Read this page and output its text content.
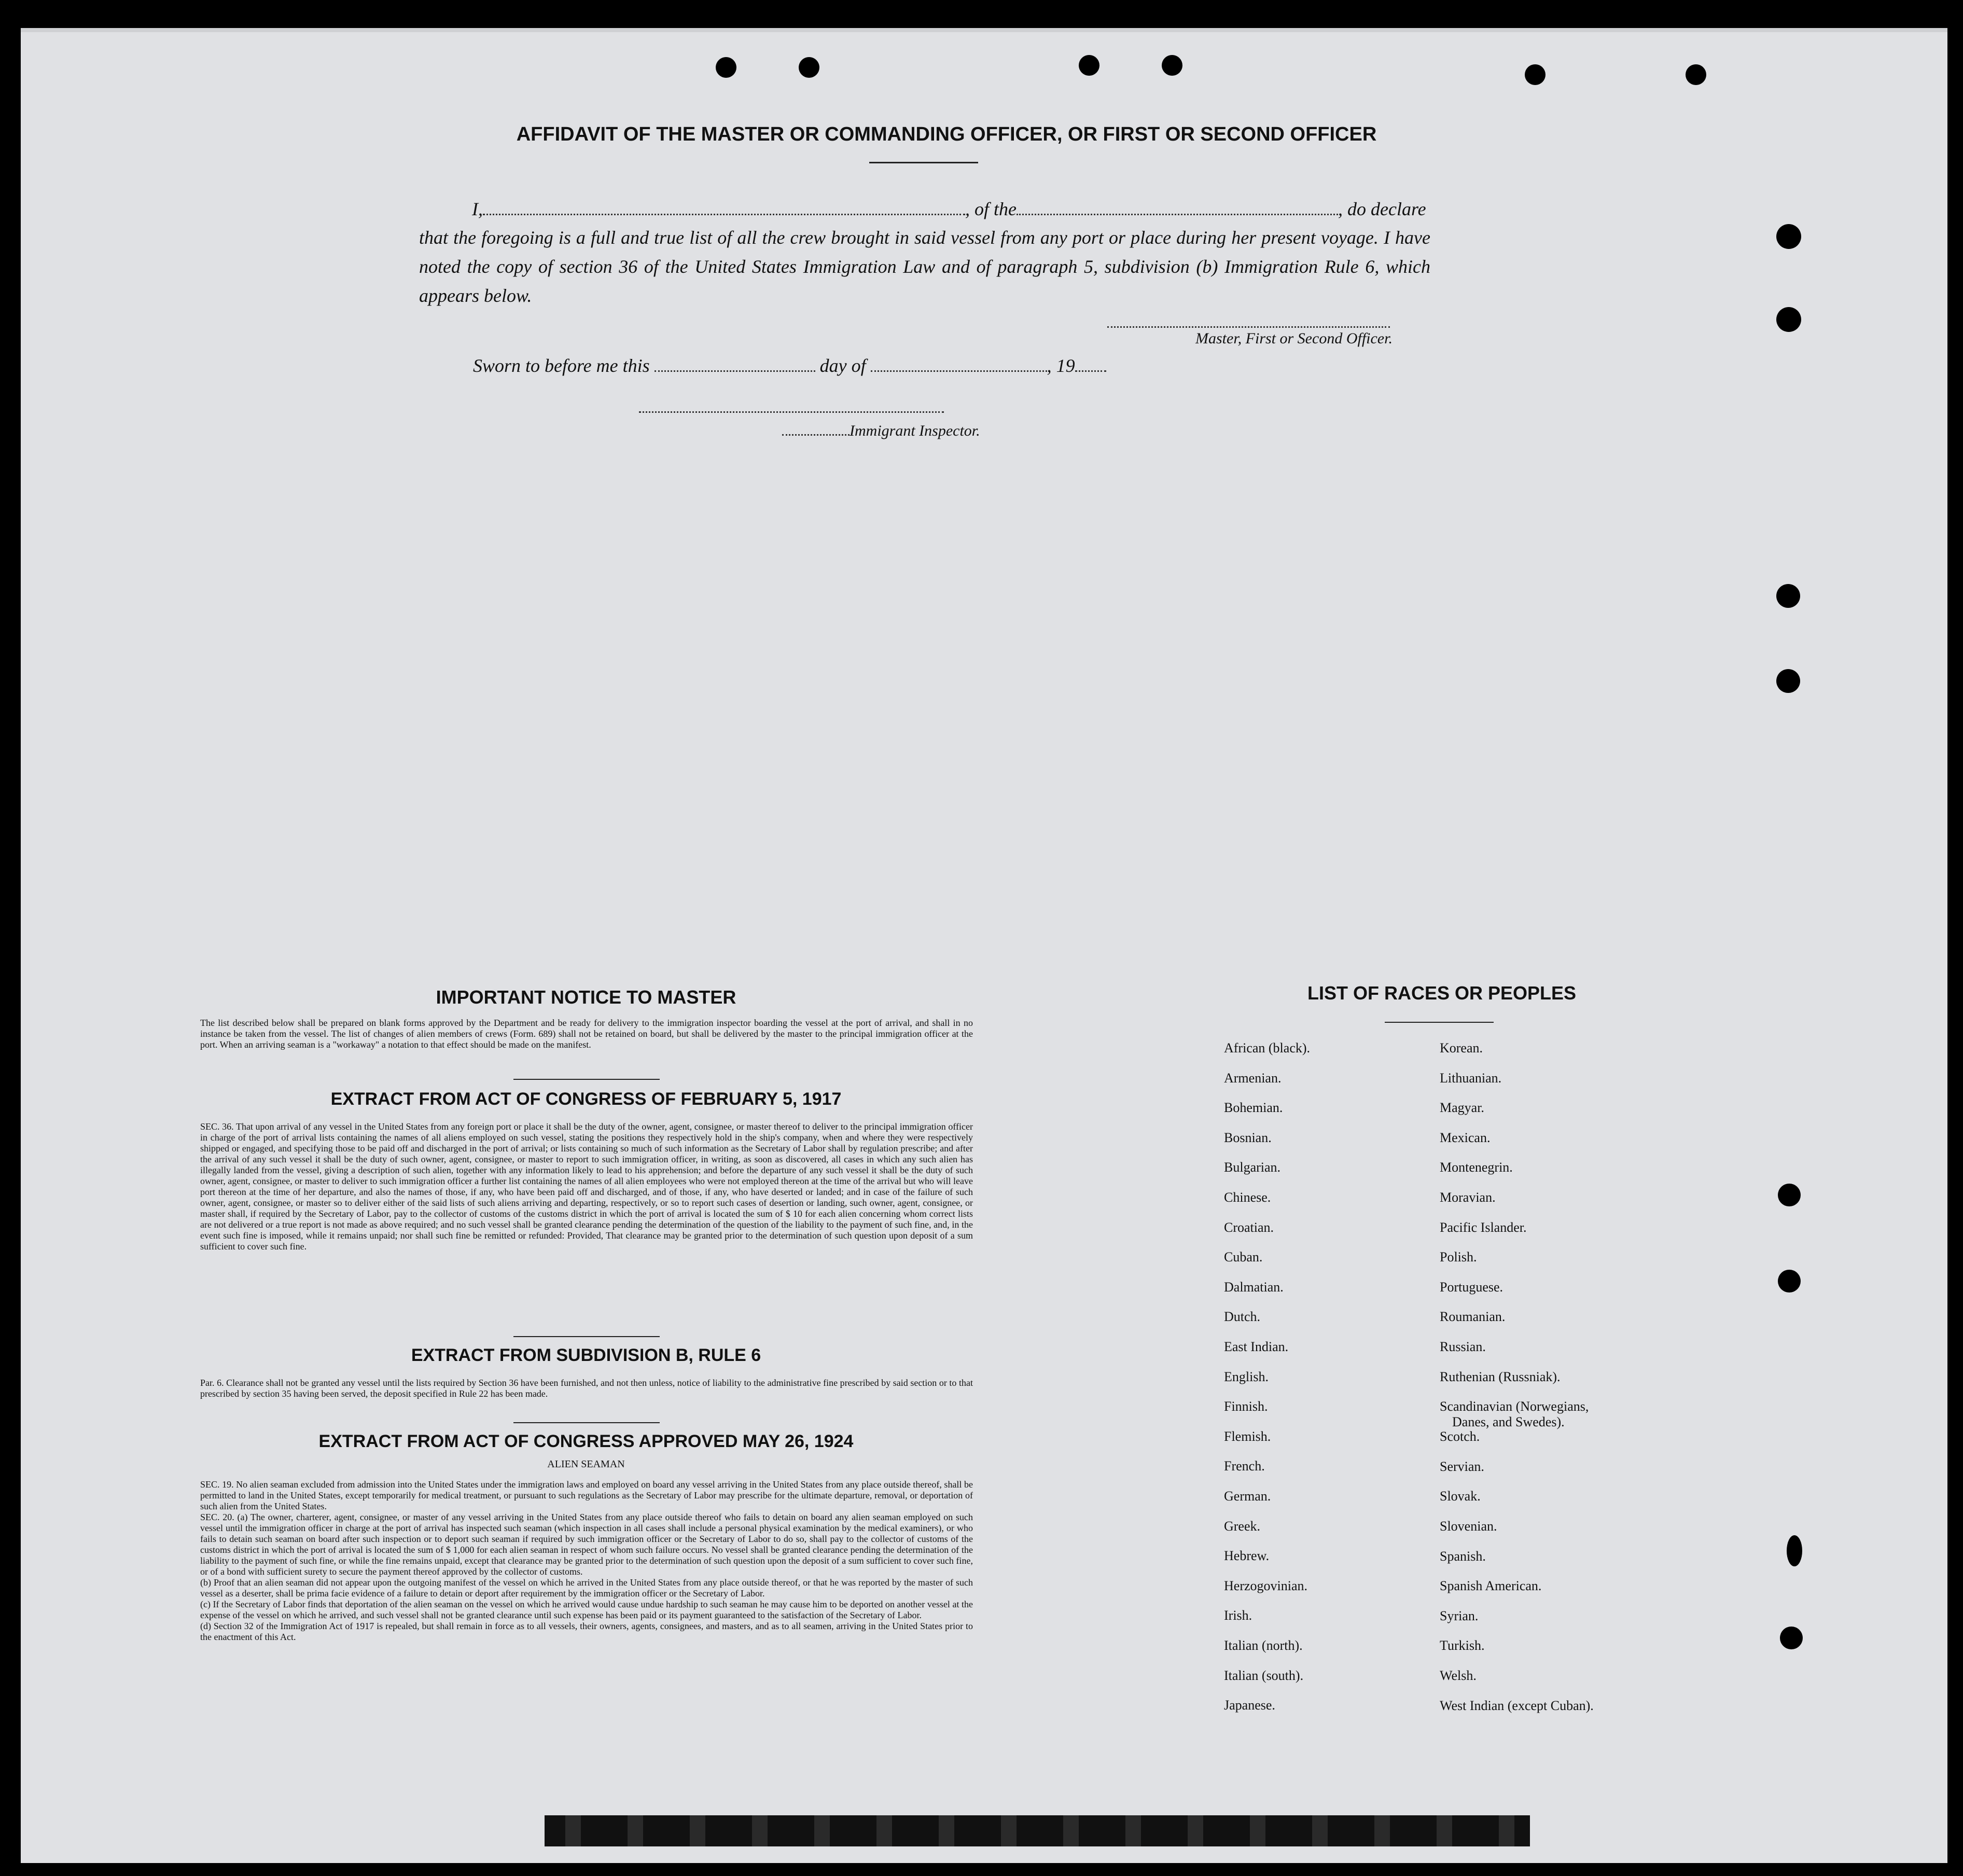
AFFIDAVIT OF THE MASTER OR COMMANDING OFFICER, OR FIRST OR SECOND OFFICER
I,	, of the	, do declare
that the foregoing is a full and true list of all the crew brought in said vessel from any port or place during her present voyage. I have noted the copy of section 36 of the United States Immigration Law and of paragraph 5, subdivision (b) Immigration Rule 6, which appears below.
Master, First or Second Officer.
Sworn to before me this	day of	, 19
Immigrant Inspector.
IMPORTANT NOTICE TO MASTER
The list described below shall be prepared on blank forms approved by the Department and be ready for delivery to the immigration inspector boarding the vessel at the port of arrival, and shall in no instance be taken from the vessel. The list of changes of alien members of crews (Form. 689) shall not be retained on board, but shall be delivered by the master to the principal immigration officer at the port. When an arriving seaman is a "workaway" a notation to that effect should be made on the manifest.
EXTRACT FROM ACT OF CONGRESS OF FEBRUARY 5, 1917
SEC. 36. That upon arrival of any vessel in the United States from any foreign port or place it shall be the duty of the owner, agent, consignee, or master thereof to deliver to the principal immigration officer in charge of the port of arrival lists containing the names of all aliens employed on such vessel, stating the positions they respectively hold in the ship's company, when and where they were respectively shipped or engaged, and specifying those to be paid off and discharged in the port of arrival; or lists containing so much of such information as the Secretary of Labor shall by regulation prescribe; and after the arrival of any such vessel it shall be the duty of such owner, agent, consignee, or master to report to such immigration officer, in writing, as soon as discovered, all cases in which any such alien has illegally landed from the vessel, giving a description of such alien, together with any information likely to lead to his apprehension; and before the departure of any such vessel it shall be the duty of such owner, agent, consignee, or master to deliver to such immigration officer a further list containing the names of all alien employees who were not employed thereon at the time of the arrival but who will leave port thereon at the time of her departure, and also the names of those, if any, who have been paid off and discharged, and of those, if any, who have deserted or landed; and in case of the failure of such owner, agent, consignee, or master so to deliver either of the said lists of such aliens arriving and departing, respectively, or so to report such cases of desertion or landing, such owner, agent, consignee, or master shall, if required by the Secretary of Labor, pay to the collector of customs of the customs district in which the port of arrival is located the sum of $ 10 for each alien concerning whom correct lists are not delivered or a true report is not made as above required; and no such vessel shall be granted clearance pending the determination of the question of the liability to the payment of such fine, and, in the event such fine is imposed, while it remains unpaid; nor shall such fine be remitted or refunded: Provided, That clearance may be granted prior to the determination of such question upon deposit of a sum sufficient to cover such fine.
EXTRACT FROM SUBDIVISION B, RULE 6
Par. 6. Clearance shall not be granted any vessel until the lists required by Section 36 have been furnished, and not then unless, notice of liability to the administrative fine prescribed by said section or to that prescribed by section 35 having been served, the deposit specified in Rule 22 has been made.
EXTRACT FROM ACT OF CONGRESS APPROVED MAY 26, 1924
ALIEN SEAMAN
SEC. 19. No alien seaman excluded from admission into the United States under the immigration laws and employed on board any vessel arriving in the United States from any place outside thereof, shall be permitted to land in the United States, except temporarily for medical treatment, or pursuant to such regulations as the Secretary of Labor may prescribe for the ultimate departure, removal, or deportation of such alien from the United States.
SEC. 20. (a) The owner, charterer, agent, consignee, or master of any vessel arriving in the United States from any place outside thereof who fails to detain on board any alien seaman employed on such vessel until the immigration officer in charge at the port of arrival has inspected such seaman (which inspection in all cases shall include a personal physical examination by the medical examiners), or who fails to detain such seaman on board after such inspection or to deport such seaman if required by such immigration officer or the Secretary of Labor to do so, shall pay to the collector of customs of the customs district in which the port of arrival is located the sum of $ 1,000 for each alien seaman in respect of whom such failure occurs. No vessel shall be granted clearance pending the determination of the liability to the payment of such fine, or while the fine remains unpaid, except that clearance may be granted prior to the determination of such question upon the deposit of a sum sufficient to cover such fine, or of a bond with sufficient surety to secure the payment thereof approved by the collector of customs.
(b) Proof that an alien seaman did not appear upon the outgoing manifest of the vessel on which he arrived in the United States from any place outside thereof, or that he was reported by the master of such vessel as a deserter, shall be prima facie evidence of a failure to detain or deport after requirement by the immigration officer or the Secretary of Labor.
(c) If the Secretary of Labor finds that deportation of the alien seaman on the vessel on which he arrived would cause undue hardship to such seaman he may cause him to be deported on another vessel at the expense of the vessel on which he arrived, and such vessel shall not be granted clearance until such expense has been paid or its payment guaranteed to the satisfaction of the Secretary of Labor.
(d) Section 32 of the Immigration Act of 1917 is repealed, but shall remain in force as to all vessels, their owners, agents, consignees, and masters, and as to all seamen, arriving in the United States prior to the enactment of this Act.
LIST OF RACES OR PEOPLES
African (black).
Armenian.
Bohemian.
Bosnian.
Bulgarian.
Chinese.
Croatian.
Cuban.
Dalmatian.
Dutch.
East Indian.
English.
Finnish.
Flemish.
French.
German.
Greek.
Hebrew.
Herzogovinian.
Irish.
Italian (north).
Italian (south).
Japanese.
Korean.
Lithuanian.
Magyar.
Mexican.
Montenegrin.
Moravian.
Pacific Islander.
Polish.
Portuguese.
Roumanian.
Russian.
Ruthenian (Russniak).
Scandinavian (Norwegians,
Danes, and Swedes).
Scotch.
Servian.
Slovak.
Slovenian.
Spanish.
Spanish American.
Syrian.
Turkish.
Welsh.
West Indian (except Cuban).
